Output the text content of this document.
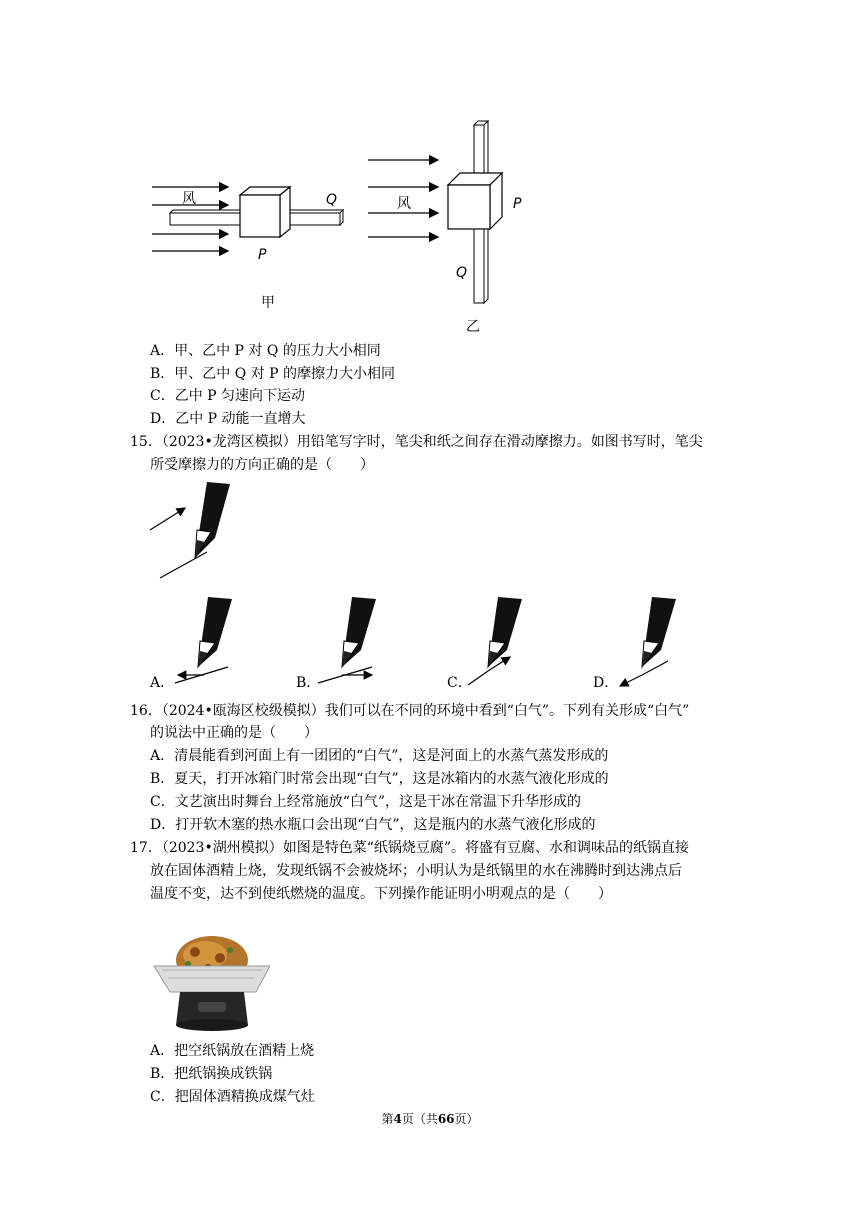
风	Q
P
甲
风	P
Q
乙
A．甲、乙中 P 对 Q 的压力大小相同
B．甲、乙中 Q 对 P 的摩擦力大小相同
C．乙中 P 匀速向下运动
D．乙中 P 动能一直增大
15．（2023•龙湾区模拟）用铅笔写字时，笔尖和纸之间存在滑动摩擦力。如图书写时，笔尖
所受摩擦力的方向正确的是（　　）
A．	B．	C．	D．
16．（2024•瓯海区校级模拟）我们可以在不同的环境中看到“白气”。下列有关形成“白气”
的说法中正确的是（　　）
A．清晨能看到河面上有一团团的“白气”，这是河面上的水蒸气蒸发形成的
B．夏天，打开冰箱门时常会出现“白气”，这是冰箱内的水蒸气液化形成的
C．文艺演出时舞台上经常施放“白气”，这是干冰在常温下升华形成的
D．打开软木塞的热水瓶口会出现“白气”，这是瓶内的水蒸气液化形成的
17．（2023•湖州模拟）如图是特色菜“纸锅烧豆腐”。将盛有豆腐、水和调味品的纸锅直接
放在固体酒精上烧，发现纸锅不会被烧坏；小明认为是纸锅里的水在沸腾时到达沸点后
温度不变，达不到使纸燃烧的温度。下列操作能证明小明观点的是（　　）
A．把空纸锅放在酒精上烧
B．把纸锅换成铁锅
C．把固体酒精换成煤气灶
第4页（共66页）
